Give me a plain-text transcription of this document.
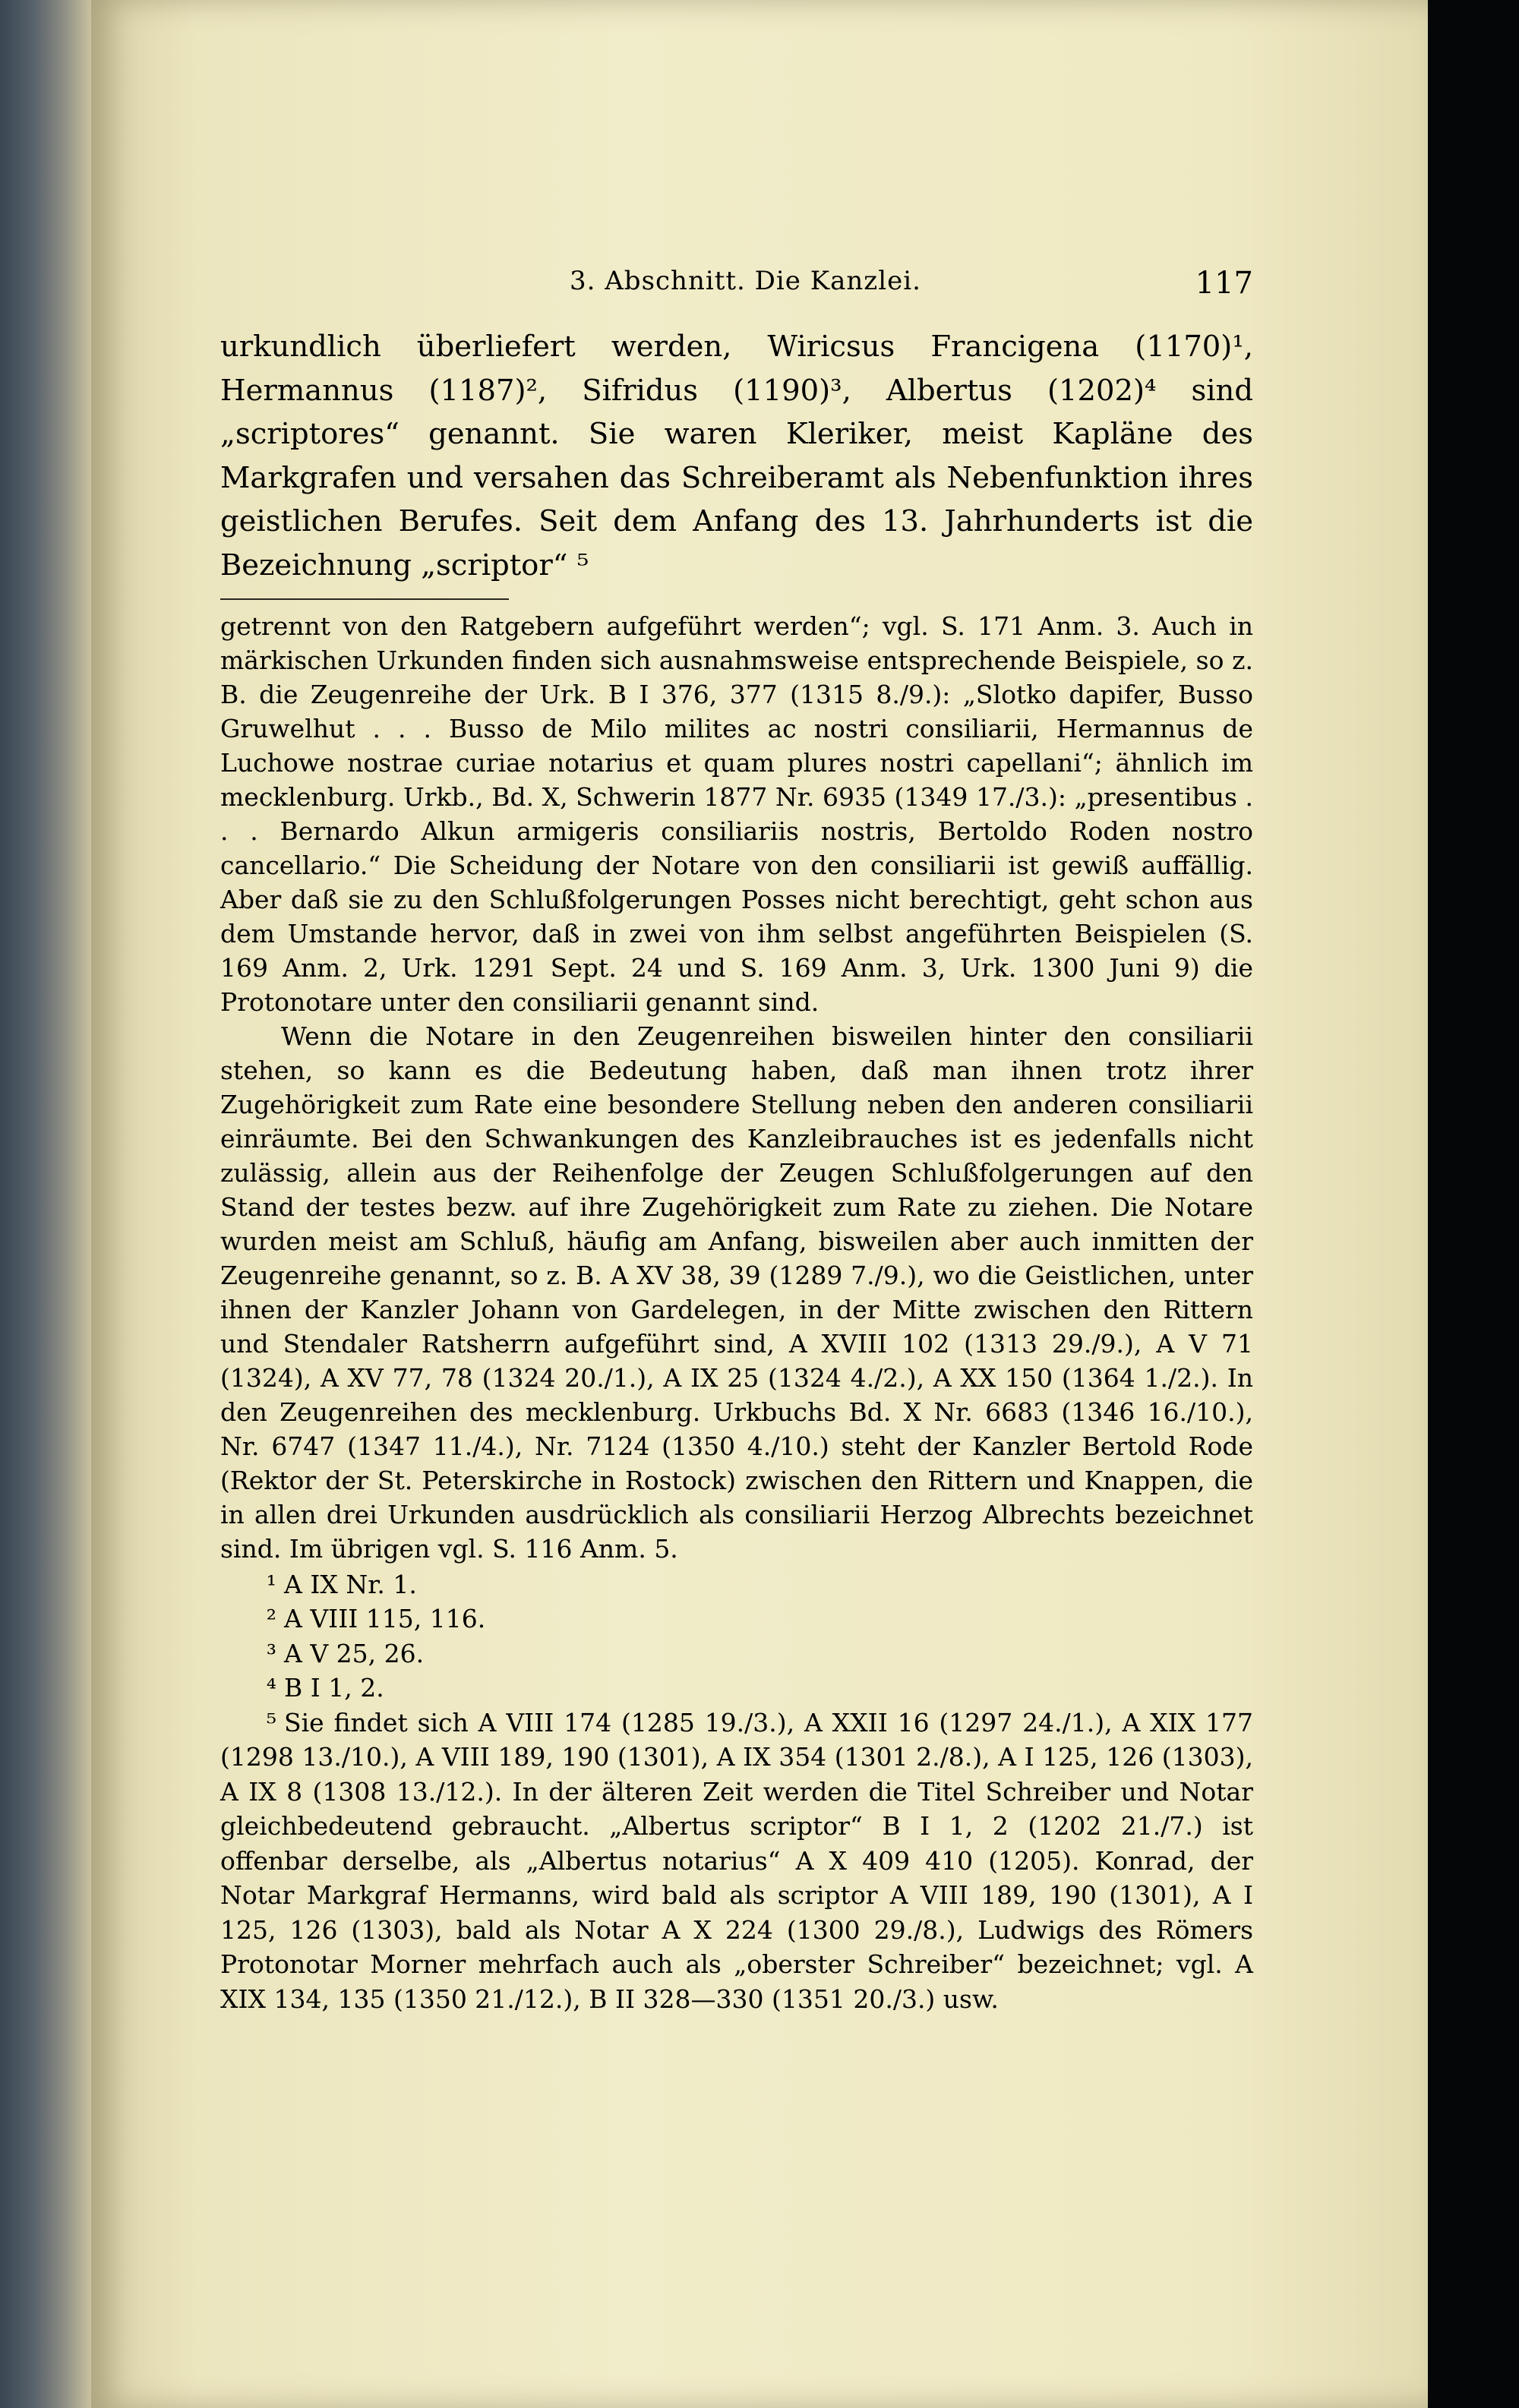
3. Abschnitt. Die Kanzlei.	117

urkundlich überliefert werden, Wiricsus Francigena (1170)¹, Hermannus (1187)², Sifridus (1190)³, Albertus (1202)⁴ sind „scriptores“ genannt. Sie waren Kleriker, meist Kapläne des Markgrafen und versahen das Schreiberamt als Nebenfunktion ihres geistlichen Berufes. Seit dem Anfang des 13. Jahrhunderts ist die Bezeichnung „scriptor“ ⁵

getrennt von den Ratgebern aufgeführt werden“; vgl. S. 171 Anm. 3. Auch in märkischen Urkunden finden sich ausnahmsweise entsprechende Beispiele, so z. B. die Zeugenreihe der Urk. B I 376, 377 (1315 8./9.): „Slotko dapifer, Busso Gruwelhut . . . Busso de Milo milites ac nostri consiliarii, Hermannus de Luchowe nostrae curiae notarius et quam plures nostri capellani“; ähnlich im mecklenburg. Urkb., Bd. X, Schwerin 1877 Nr. 6935 (1349 17./3.): „presentibus . . . Bernardo Alkun armigeris consiliariis nostris, Bertoldo Roden nostro cancellario.“ Die Scheidung der Notare von den consiliarii ist gewiß auffällig. Aber daß sie zu den Schlußfolgerungen Posses nicht berechtigt, geht schon aus dem Umstande hervor, daß in zwei von ihm selbst angeführten Beispielen (S. 169 Anm. 2, Urk. 1291 Sept. 24 und S. 169 Anm. 3, Urk. 1300 Juni 9) die Protonotare unter den consiliarii genannt sind.

Wenn die Notare in den Zeugenreihen bisweilen hinter den consiliarii stehen, so kann es die Bedeutung haben, daß man ihnen trotz ihrer Zugehörigkeit zum Rate eine besondere Stellung neben den anderen consiliarii einräumte. Bei den Schwankungen des Kanzleibrauches ist es jedenfalls nicht zulässig, allein aus der Reihenfolge der Zeugen Schlußfolgerungen auf den Stand der testes bezw. auf ihre Zugehörigkeit zum Rate zu ziehen. Die Notare wurden meist am Schluß, häufig am Anfang, bisweilen aber auch inmitten der Zeugenreihe genannt, so z. B. A XV 38, 39 (1289 7./9.), wo die Geistlichen, unter ihnen der Kanzler Johann von Gardelegen, in der Mitte zwischen den Rittern und Stendaler Ratsherrn aufgeführt sind, A XVIII 102 (1313 29./9.), A V 71 (1324), A XV 77, 78 (1324 20./1.), A IX 25 (1324 4./2.), A XX 150 (1364 1./2.). In den Zeugenreihen des mecklenburg. Urkbuchs Bd. X Nr. 6683 (1346 16./10.), Nr. 6747 (1347 11./4.), Nr. 7124 (1350 4./10.) steht der Kanzler Bertold Rode (Rektor der St. Peterskirche in Rostock) zwischen den Rittern und Knappen, die in allen drei Urkunden ausdrücklich als consiliarii Herzog Albrechts bezeichnet sind. Im übrigen vgl. S. 116 Anm. 5.

¹ A IX Nr. 1.

² A VIII 115, 116.

³ A V 25, 26.

⁴ B I 1, 2.

⁵ Sie findet sich A VIII 174 (1285 19./3.), A XXII 16 (1297 24./1.), A XIX 177 (1298 13./10.), A VIII 189, 190 (1301), A IX 354 (1301 2./8.), A I 125, 126 (1303), A IX 8 (1308 13./12.). In der älteren Zeit werden die Titel Schreiber und Notar gleichbedeutend gebraucht. „Albertus scriptor“ B I 1, 2 (1202 21./7.) ist offenbar derselbe, als „Albertus notarius“ A X 409 410 (1205). Konrad, der Notar Markgraf Hermanns, wird bald als scriptor A VIII 189, 190 (1301), A I 125, 126 (1303), bald als Notar A X 224 (1300 29./8.), Ludwigs des Römers Protonotar Morner mehrfach auch als „oberster Schreiber“ bezeichnet; vgl. A XIX 134, 135 (1350 21./12.), B II 328—330 (1351 20./3.) usw.
